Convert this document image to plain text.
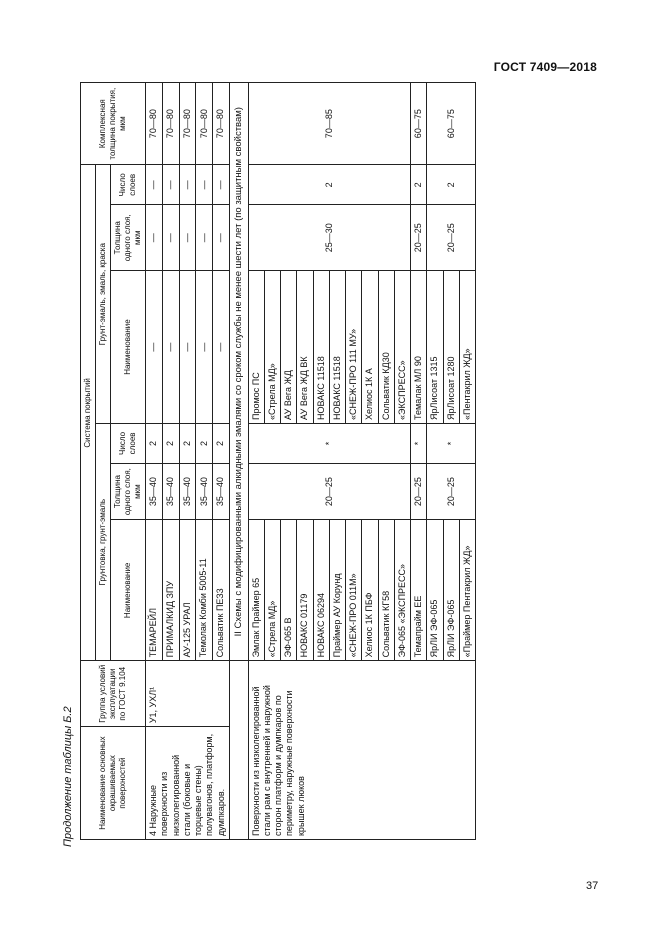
ГОСТ 7409—2018
Продолжение таблицы Б.2
37
Наименование основных окрашиваемых поверхностей	Группа условий эксплуатации по ГОСТ 9.104	Система покрытий						Комплексная толщина покрытия, мкм
		Грунтовка, грунт-эмаль			Грунт-эмаль, эмаль, краска			
		Наименование	Толщина одного слоя, мкм	Число слоев	Наименование	Толщина одного слоя, мкм	Число слоев	
4 Наружные поверхности из низколегированной стали (бокoвые и торцевые стены) полувагонов, платформ, думпкаров.	У1, УХЛ¹	ТЕМАРЕЙЛ	35—40	2	—	—	—	70—80
		ПРИМАЛКИД ЗПУ	35—40	2	—	—	—	70—80
		АУ-125 УРАЛ	35—40	2	—	—	—	70—80
		Темолак Комби 5005-11	35—40	2	—	—	—	70—80
		Сольватик ПЕЗ3	35—40	2	—	—	—	70—80
		II Схемы с модифицированными алкидными эмалями со сроком службы не менее шести лет (по защитным свойствам)						
Поверхности из низколегированной стали рам с внутренней и наружной сторон платформ и думпкаров по периметру, наружные поверхности крышек люков		Эмлак Праймер 65	20—25	*	Промос ПС	25—30	2	70—85
		«Стрела МД»			«Стрела МД»			
		ЭФ-065 В			АУ Вега ЖД			
		НОВАКС 01179			АУ Вега ЖД ВК			
		НОВАКС 06294			НОВАКС 11518			
		Праймер АУ Корунд			НОВАКС 11518			
		«СНЕЖ-ПРО 011М»			«СНЕЖ-ПРО 111 МУ»			
		Хелиос 1К ПБФ			Хелиос 1К А			
		Сольватик КГ58			Сольватик КД30			
		ЭФ-065 «ЭКСПРЕСС»			«ЭКСПРЕСС»			
		Темапрайм ЕЕ	20—25	*	Темалак МЛ 90	20—25	2	60—75
		ЯрЛИ ЭФ-065	20—25	*	ЯрЛисоат 1315	20—25	2	60—75
		ЯрЛИ ЭФ-065			ЯрЛисоат 1280			
		«Праймер Пентакрил ЖД»			«Пентакрил ЖД»			
